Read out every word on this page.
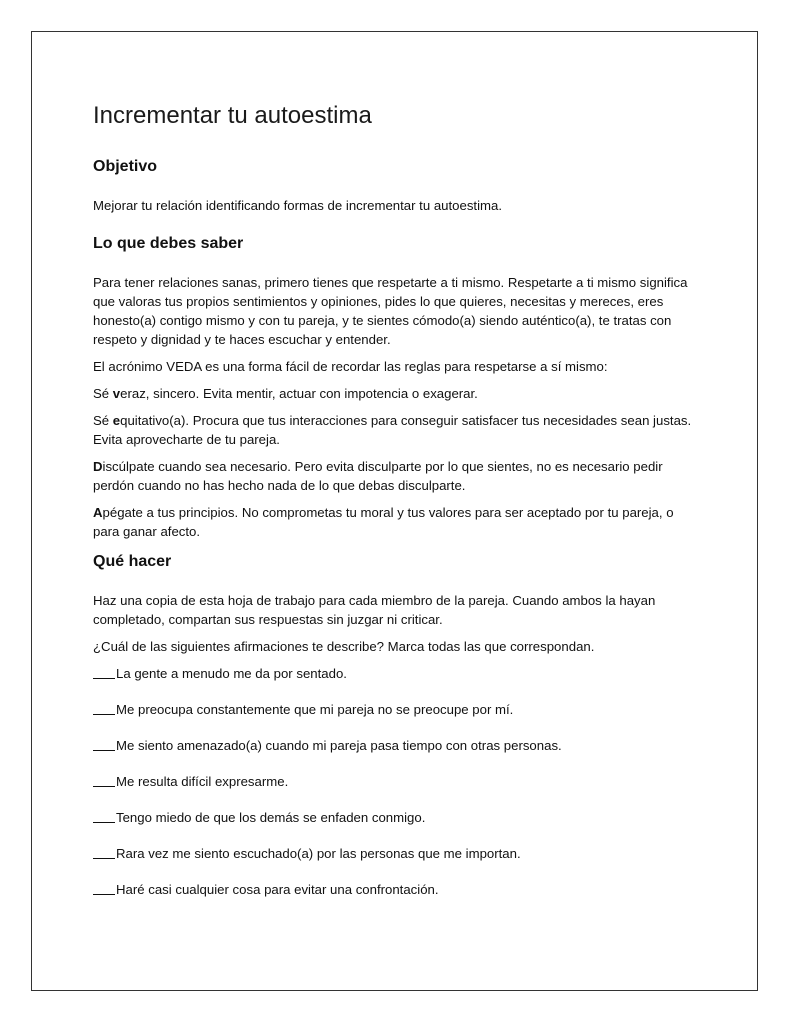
Incrementar tu autoestima
Objetivo

Mejorar tu relación identificando formas de incrementar tu autoestima.

Lo que debes saber

Para tener relaciones sanas, primero tienes que respetarte a ti mismo. Respetarte a ti mismo significa que valoras tus propios sentimientos y opiniones, pides lo que quieres, necesitas y mereces, eres honesto(a) contigo mismo y con tu pareja, y te sientes cómodo(a) siendo auténtico(a), te tratas con respeto y dignidad y te haces escuchar y entender.

El acrónimo VEDA es una forma fácil de recordar las reglas para respetarse a sí mismo:

Sé veraz, sincero. Evita mentir, actuar con impotencia o exagerar.

Sé equitativo(a). Procura que tus interacciones para conseguir satisfacer tus necesidades sean justas. Evita aprovecharte de tu pareja.

Discúlpate cuando sea necesario. Pero evita disculparte por lo que sientes, no es necesario pedir perdón cuando no has hecho nada de lo que debas disculparte.

Apégate a tus principios. No comprometas tu moral y tus valores para ser aceptado por tu pareja, o para ganar afecto.

Qué hacer

Haz una copia de esta hoja de trabajo para cada miembro de la pareja. Cuando ambos la hayan completado, compartan sus respuestas sin juzgar ni criticar.

¿Cuál de las siguientes afirmaciones te describe? Marca todas las que correspondan.

La gente a menudo me da por sentado.
Me preocupa constantemente que mi pareja no se preocupe por mí.
Me siento amenazado(a) cuando mi pareja pasa tiempo con otras personas.
Me resulta difícil expresarme.
Tengo miedo de que los demás se enfaden conmigo.
Rara vez me siento escuchado(a) por las personas que me importan.
Haré casi cualquier cosa para evitar una confrontación.
